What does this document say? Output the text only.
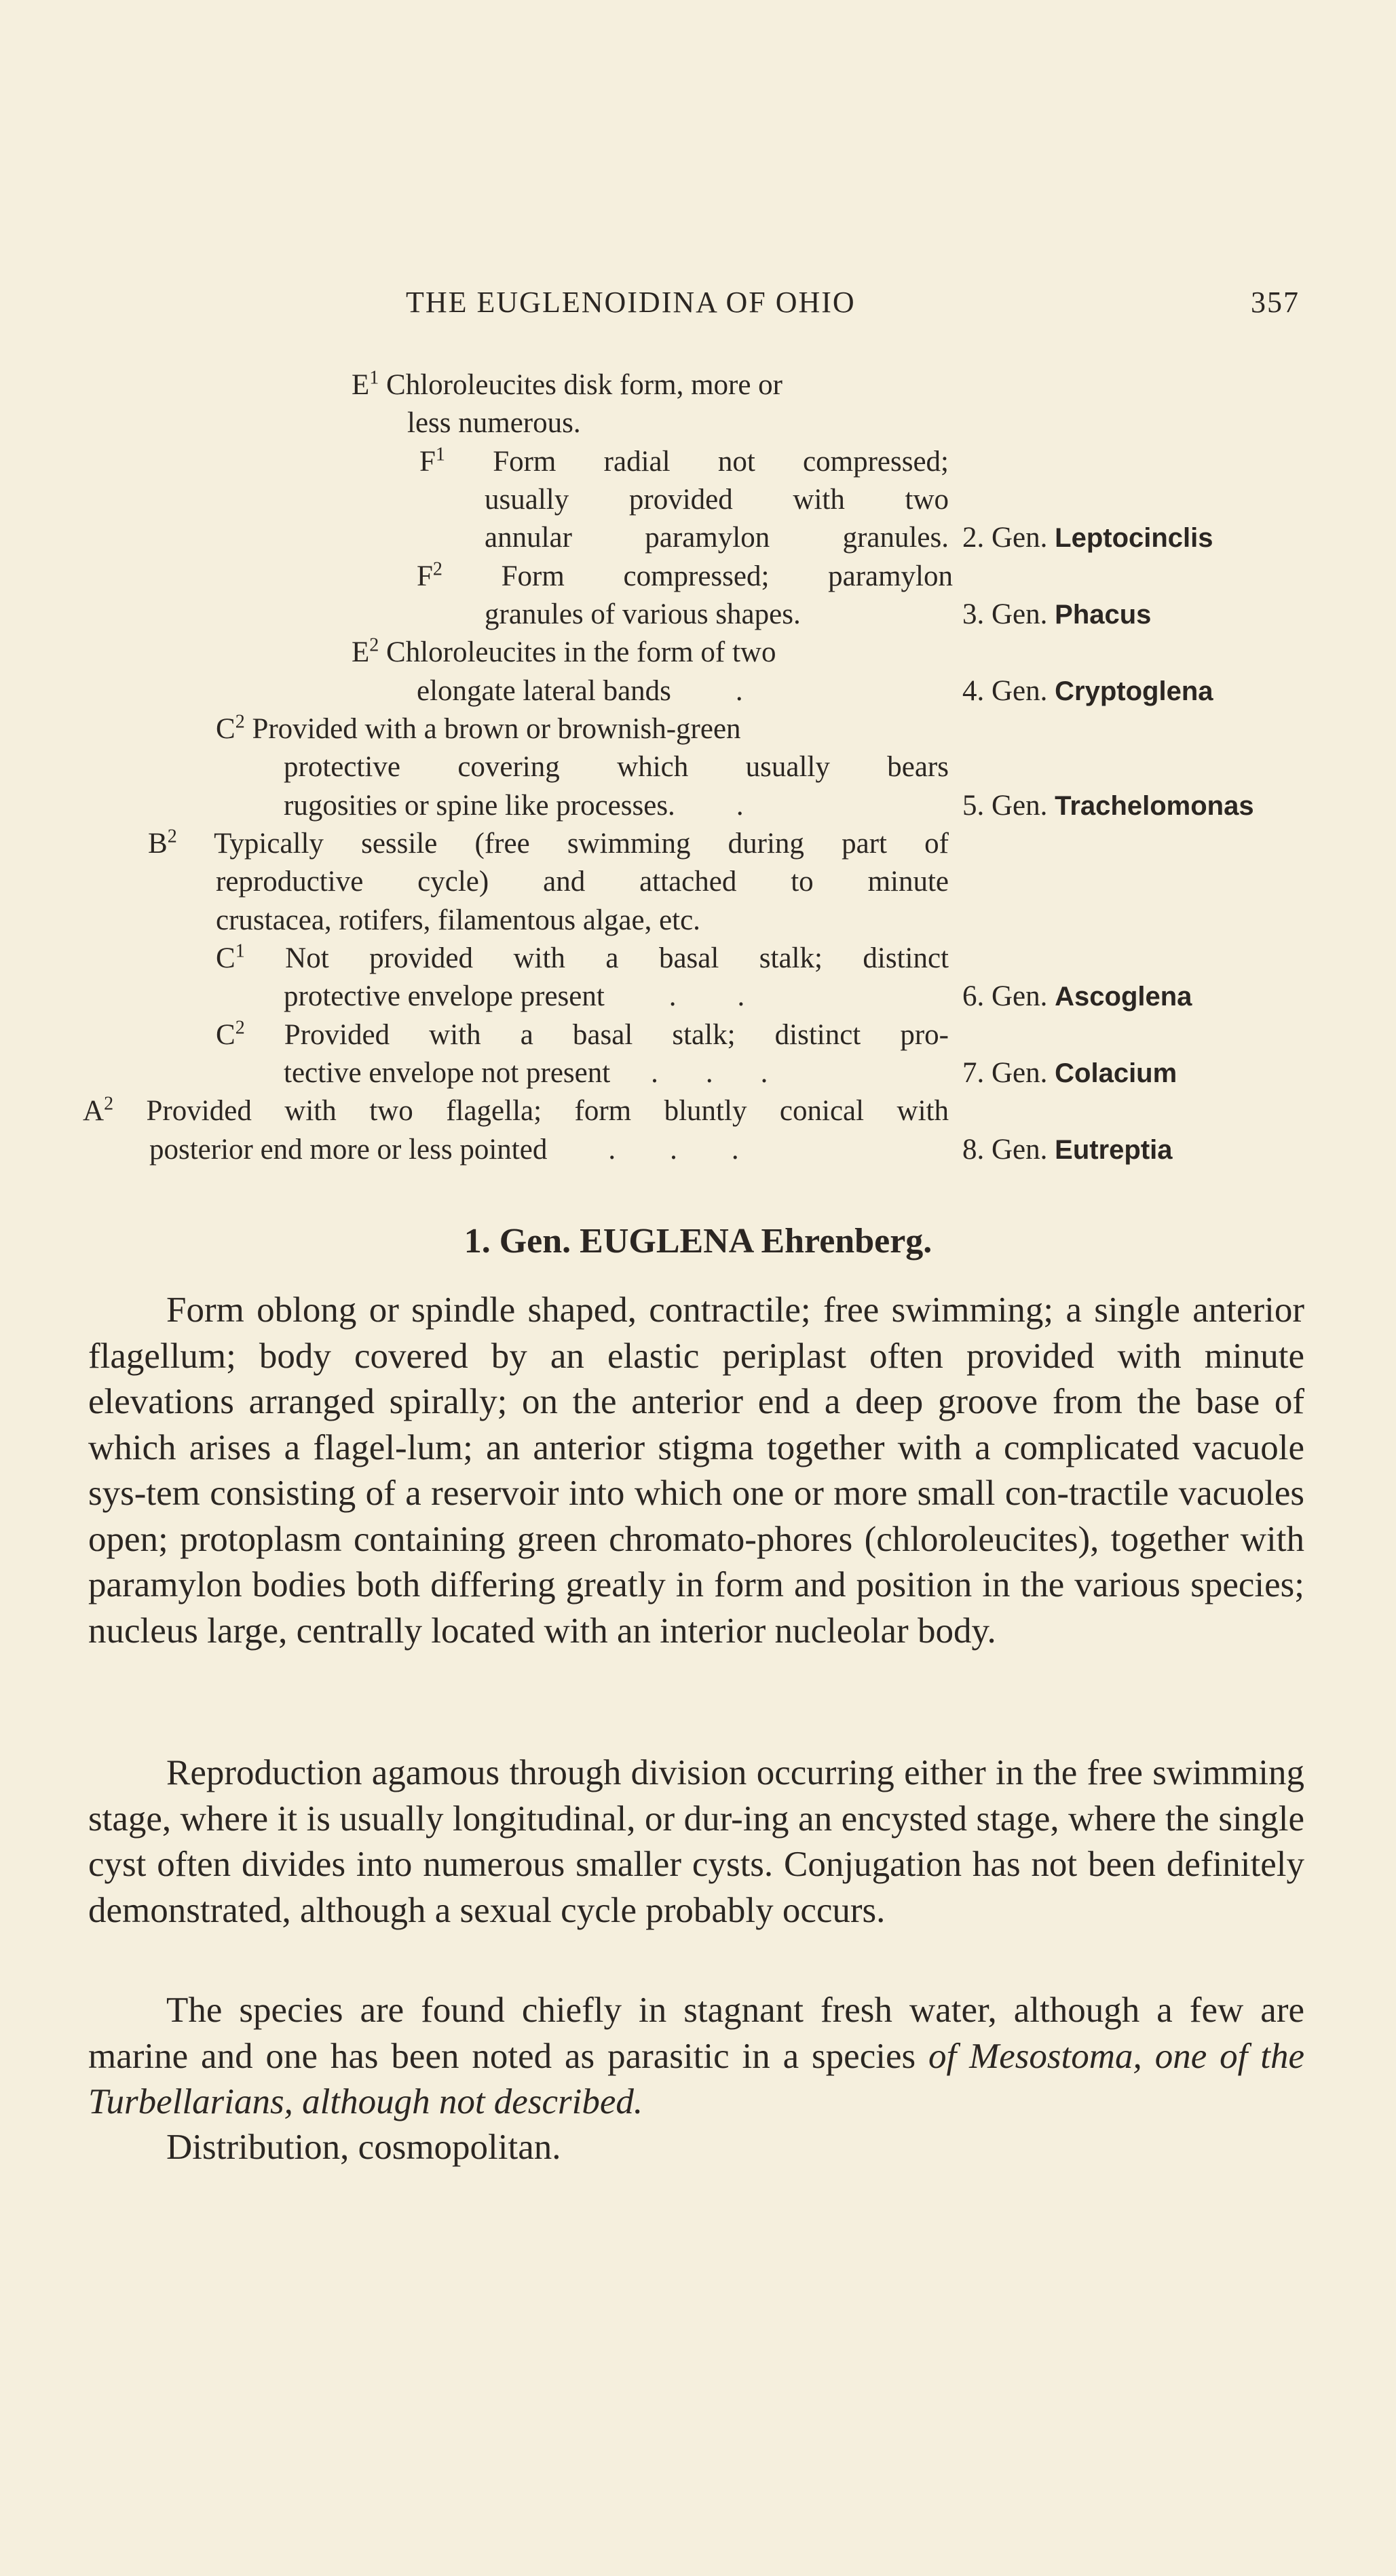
THE EUGLENOIDINA OF OHIO	357
$E^1$ Chloroleucites disk form, more or
less numerous.
$F^1$ Form radial not compressed;
usually provided with two
annular paramylon granules. 2. Gen. Leptocinclis
$F^2$ Form compressed; paramylon
granules of various shapes.	3. Gen. Phacus
$E^2$ Chloroleucites in the form of two
elongate lateral bands .	4. Gen. Cryptoglena
$C^2$ Provided with a brown or brownish-green
protective covering which usually bears
rugosities or spine like processes. .	5. Gen. Trachelomonas
$B^2$ Typically sessile (free swimming during part of
reproductive cycle) and attached to minute
crustacea, rotifers, filamentous algae, etc.
$C^1$ Not provided with a basal stalk; distinct
protective envelope present . .	6. Gen. Ascoglena
$C^2$ Provided with a basal stalk; distinct pro-
tective envelope not present . . .	7. Gen. Colacium
$A^2$ Provided with two flagella; form bluntly conical with
posterior end more or less pointed . . .	8. Gen. Eutreptia
1. Gen. EUGLENA Ehrenberg.
Form oblong or spindle shaped, contractile; free swimming; a single anterior flagellum; body covered by an elastic periplast often provided with minute elevations arranged spirally; on the anterior end a deep groove from the base of which arises a flagel-lum; an anterior stigma together with a complicated vacuole sys-tem consisting of a reservoir into which one or more small con-tractile vacuoles open; protoplasm containing green chromato-phores (chloroleucites), together with paramylon bodies both differing greatly in form and position in the various species; nucleus large, centrally located with an interior nucleolar body.
Reproduction agamous through division occurring either in the free swimming stage, where it is usually longitudinal, or dur-ing an encysted stage, where the single cyst often divides into numerous smaller cysts. Conjugation has not been definitely demonstrated, although a sexual cycle probably occurs.
The species are found chiefly in stagnant fresh water, although a few are marine and one has been noted as parasitic in a species of Mesostoma, one of the Turbellarians, although not described.
Distribution, cosmopolitan.
